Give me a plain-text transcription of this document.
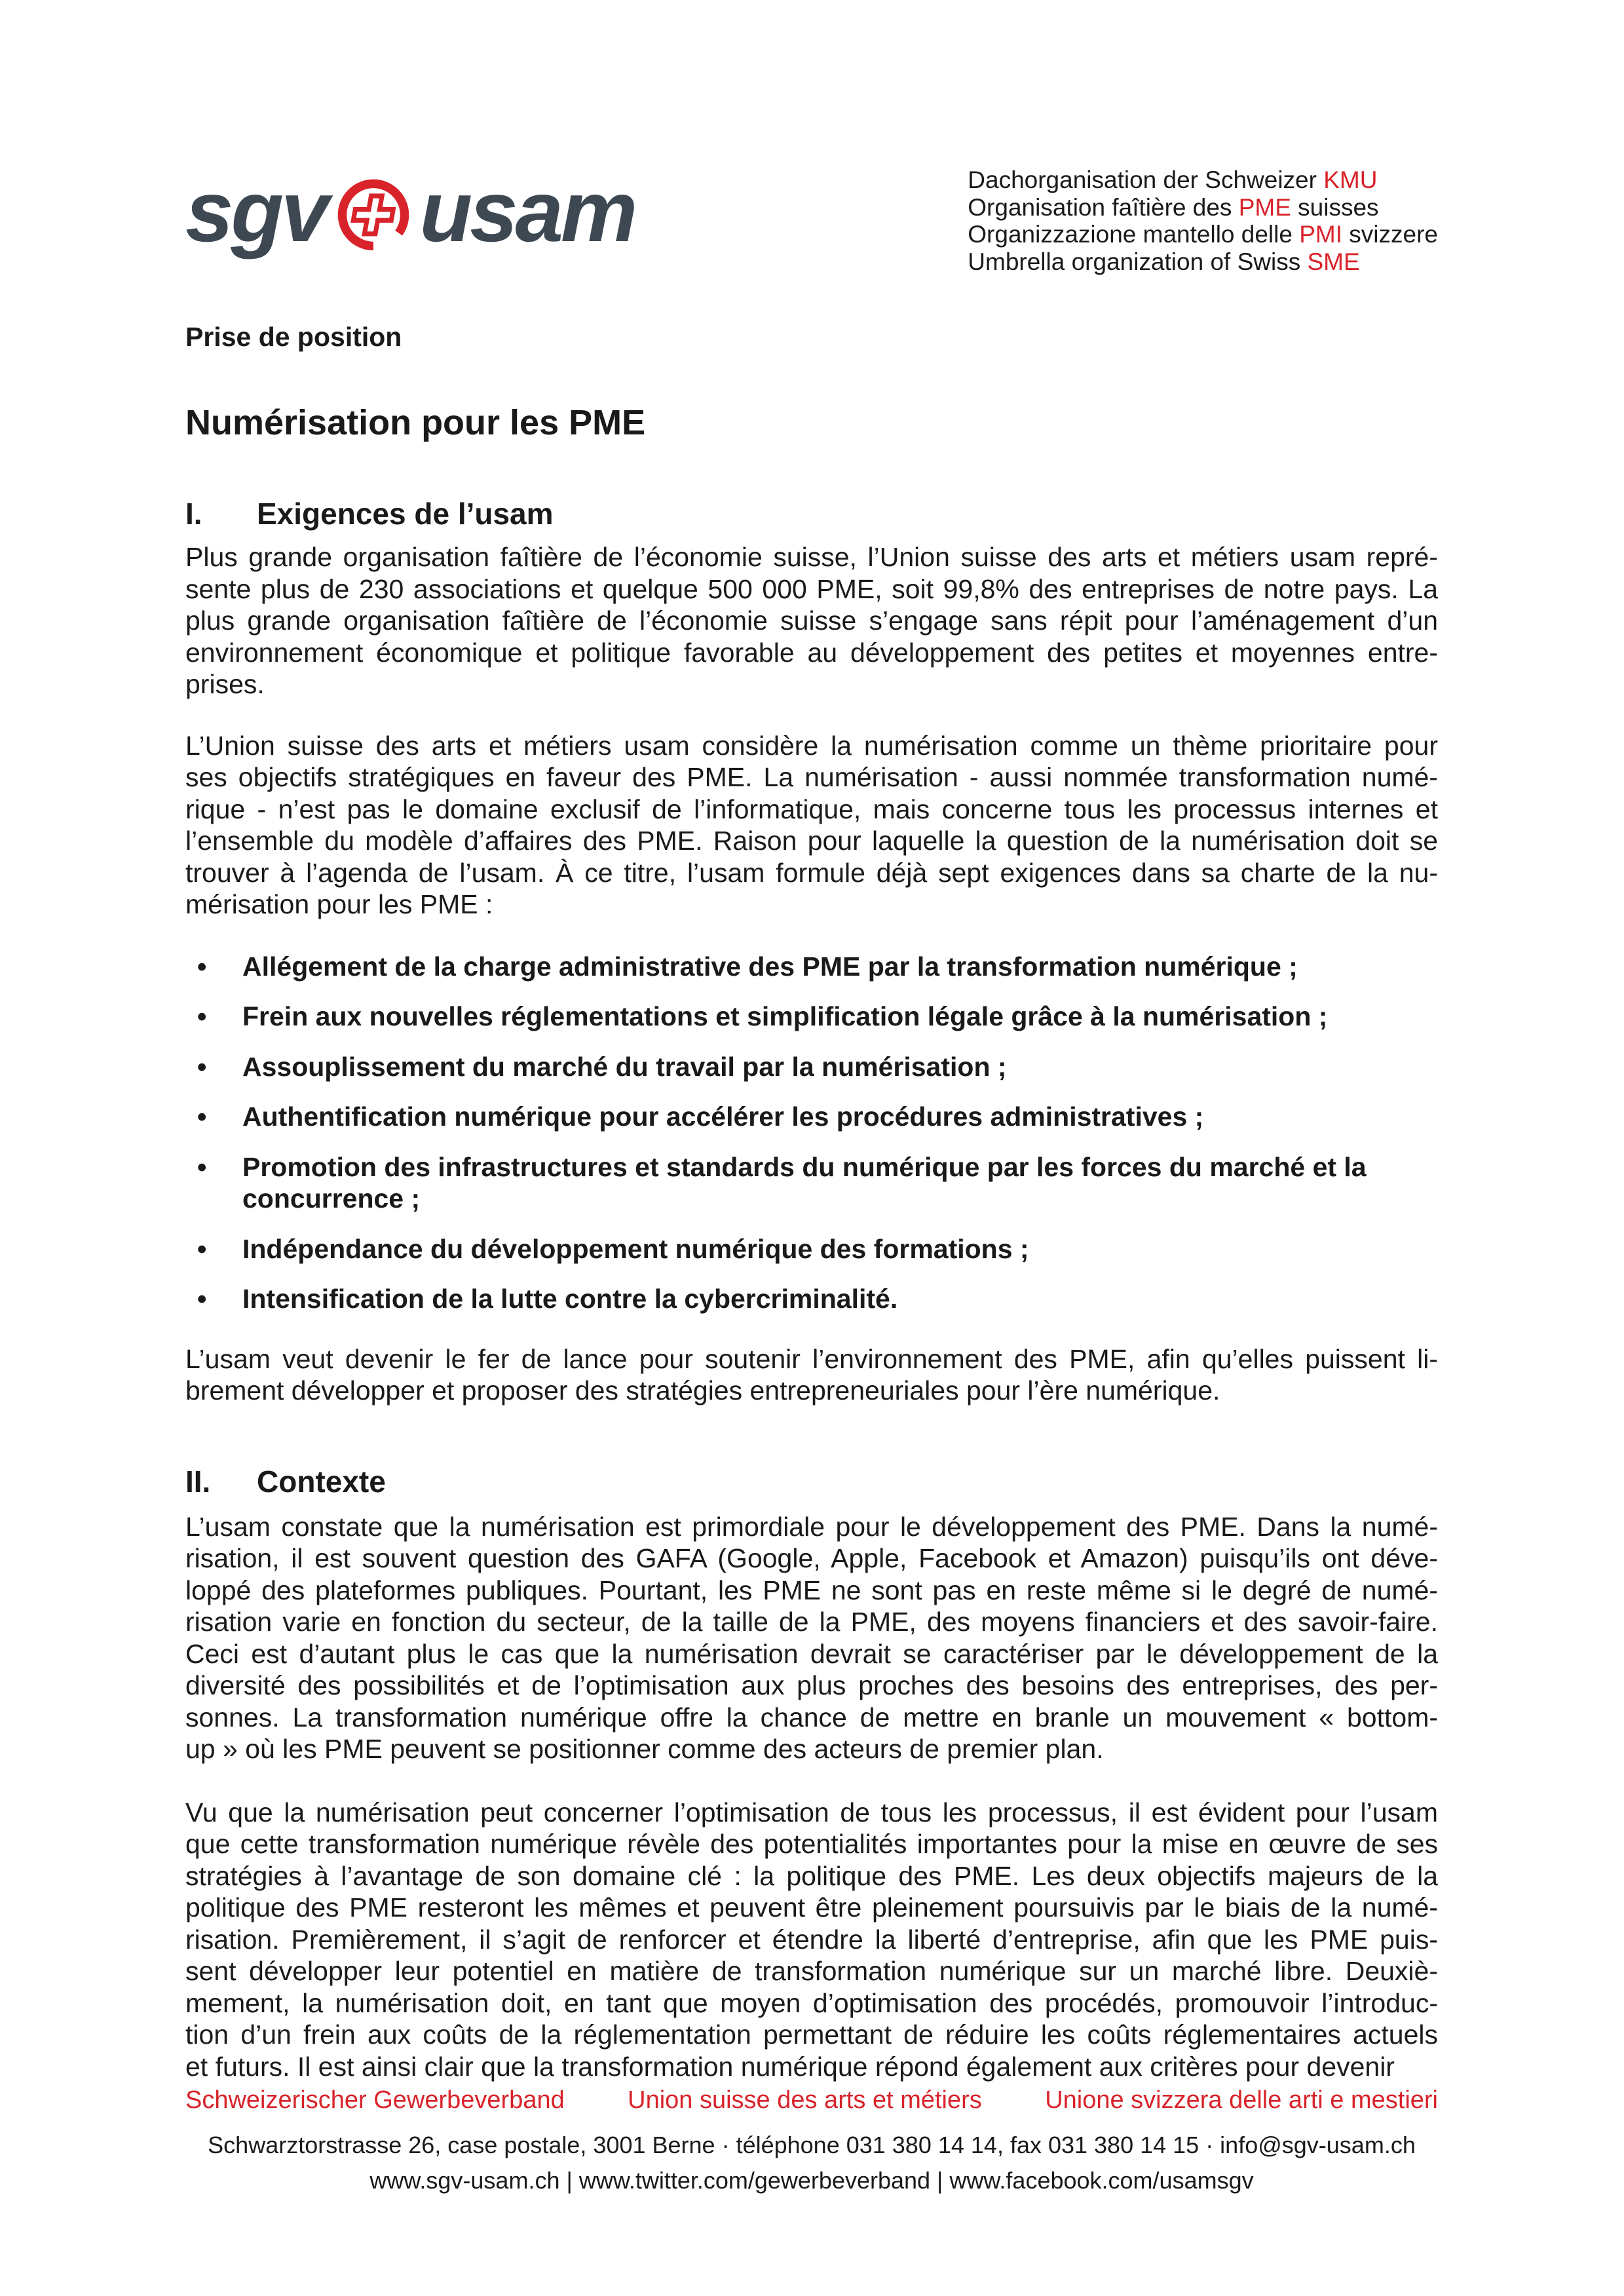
sgv usam	Dachorganisation der Schweizer KMU
Organisation faîtière des PME suisses
Organizzazione mantello delle PMI svizzere
Umbrella organization of Swiss SME
Prise de position
Numérisation pour les PME
I.	Exigences de l’usam
Plus grande organisation faîtière de l’économie suisse, l’Union suisse des arts et métiers usam repré-
sente plus de 230 associations et quelque 500 000 PME, soit 99,8% des entreprises de notre pays. La
plus grande organisation faîtière de l’économie suisse s’engage sans répit pour l’aménagement d’un
environnement économique et politique favorable au développement des petites et moyennes entre-
prises.
L’Union suisse des arts et métiers usam considère la numérisation comme un thème prioritaire pour
ses objectifs stratégiques en faveur des PME. La numérisation - aussi nommée transformation numé-
rique - n’est pas le domaine exclusif de l’informatique, mais concerne tous les processus internes et
l’ensemble du modèle d’affaires des PME. Raison pour laquelle la question de la numérisation doit se
trouver à l’agenda de l’usam. À ce titre, l’usam formule déjà sept exigences dans sa charte de la nu-
mérisation pour les PME :
• Allégement de la charge administrative des PME par la transformation numérique ;
• Frein aux nouvelles réglementations et simplification légale grâce à la numérisation ;
• Assouplissement du marché du travail par la numérisation ;
• Authentification numérique pour accélérer les procédures administratives ;
• Promotion des infrastructures et standards du numérique par les forces du marché et la concurrence ;
• Indépendance du développement numérique des formations ;
• Intensification de la lutte contre la cybercriminalité.
L’usam veut devenir le fer de lance pour soutenir l’environnement des PME, afin qu’elles puissent li-
brement développer et proposer des stratégies entrepreneuriales pour l’ère numérique.
II.	Contexte
L’usam constate que la numérisation est primordiale pour le développement des PME. Dans la numé-
risation, il est souvent question des GAFA (Google, Apple, Facebook et Amazon) puisqu’ils ont déve-
loppé des plateformes publiques. Pourtant, les PME ne sont pas en reste même si le degré de numé-
risation varie en fonction du secteur, de la taille de la PME, des moyens financiers et des savoir-faire.
Ceci est d’autant plus le cas que la numérisation devrait se caractériser par le développement de la
diversité des possibilités et de l’optimisation aux plus proches des besoins des entreprises, des per-
sonnes. La transformation numérique offre la chance de mettre en branle un mouvement « bottom-
up » où les PME peuvent se positionner comme des acteurs de premier plan.
Vu que la numérisation peut concerner l’optimisation de tous les processus, il est évident pour l’usam
que cette transformation numérique révèle des potentialités importantes pour la mise en œuvre de ses
stratégies à l’avantage de son domaine clé : la politique des PME. Les deux objectifs majeurs de la
politique des PME resteront les mêmes et peuvent être pleinement poursuivis par le biais de la numé-
risation. Premièrement, il s’agit de renforcer et étendre la liberté d’entreprise, afin que les PME puis-
sent développer leur potentiel en matière de transformation numérique sur un marché libre. Deuxiè-
mement, la numérisation doit, en tant que moyen d’optimisation des procédés, promouvoir l’introduc-
tion d’un frein aux coûts de la réglementation permettant de réduire les coûts réglementaires actuels
et futurs. Il est ainsi clair que la transformation numérique répond également aux critères pour devenir
Schweizerischer Gewerbeverband	Union suisse des arts et métiers	Unione svizzera delle arti e mestieri
Schwarztorstrasse 26, case postale, 3001 Berne · téléphone 031 380 14 14, fax 031 380 14 15 · info@sgv-usam.ch
www.sgv-usam.ch | www.twitter.com/gewerbeverband | www.facebook.com/usamsgv
